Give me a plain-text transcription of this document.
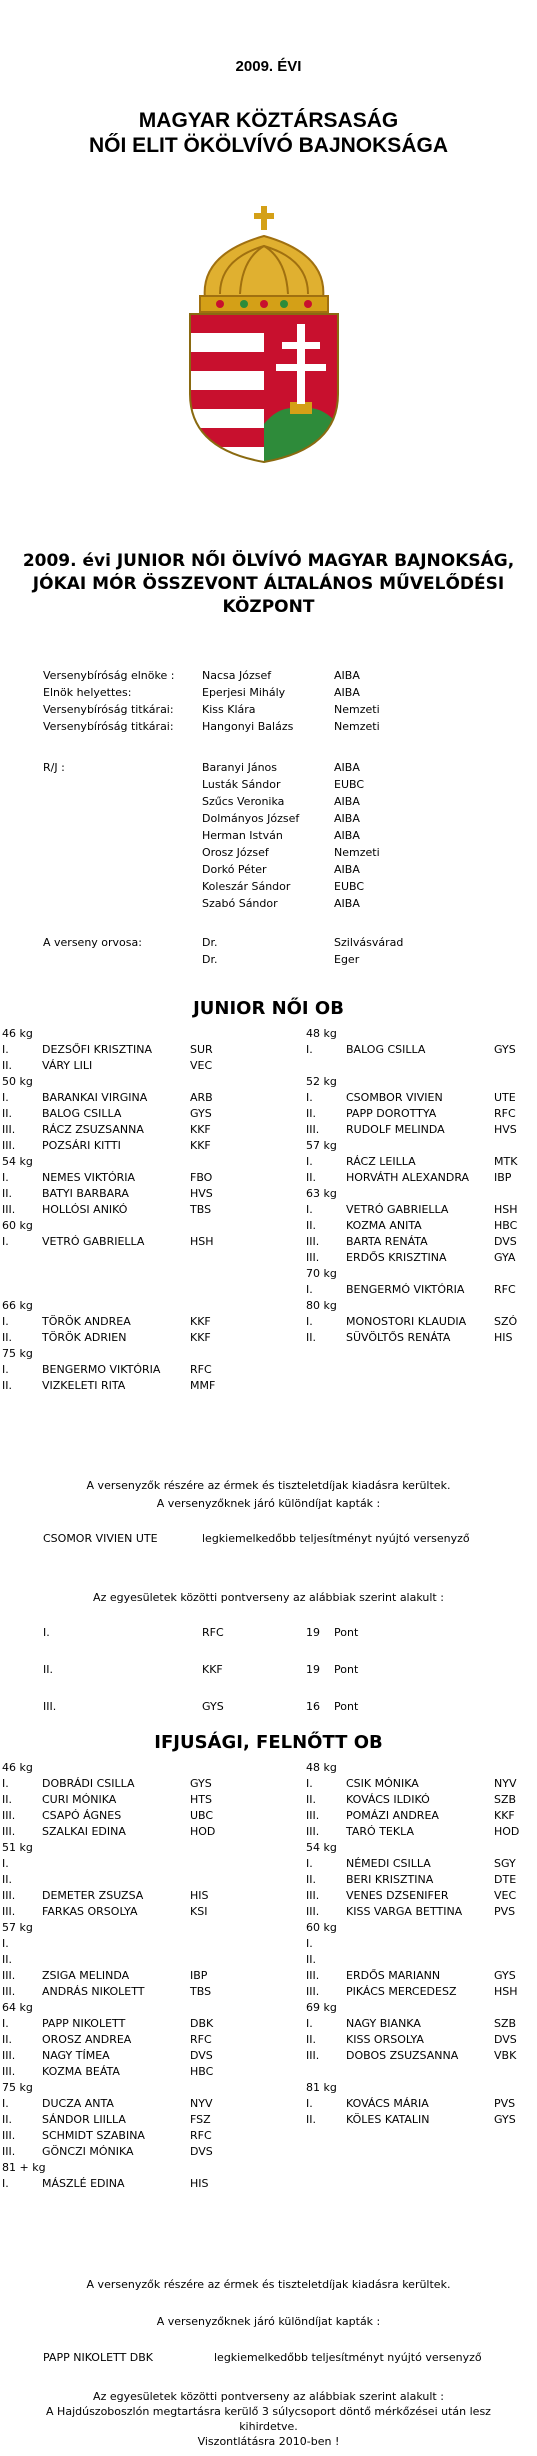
2009. ÉVI
MAGYAR KÖZTÁRSASÁG
NŐI ELIT ÖKÖLVÍVÓ BAJNOKSÁGA
2009. évi JUNIOR NŐI ÖLVÍVÓ MAGYAR BAJNOKSÁG,
JÓKAI MÓR ÖSSZEVONT ÁLTALÁNOS MŰVELŐDÉSI
KÖZPONT
Versenybíróság elnöke :	Nacsa József	AIBA
Elnök helyettes:	Eperjesi Mihály	AIBA
Versenybíróság titkárai:	Kiss Klára	Nemzeti
Versenybíróság titkárai:	Hangonyi Balázs	Nemzeti
R/J :	Baranyi János	AIBA
Lusták Sándor	EUBC
Szűcs Veronika	AIBA
Dolmányos József	AIBA
Herman István	AIBA
Orosz József	Nemzeti
Dorkó Péter	AIBA
Koleszár Sándor	EUBC
Szabó Sándor	AIBA
A verseny orvosa:	Dr.	Szilvásvárad
Dr.	Eger
JUNIOR NŐI OB
46 kg
I.	DEZSŐFI KRISZTINA	SUR
II.	VÁRY LILI	VEC
50 kg
I.	BARANKAI VIRGINA	ARB
II.	BALOG CSILLA	GYS
III. RÁCZ ZSUZSANNA	KKF
III. POZSÁRI KITTI	KKF
54 kg
I.	NEMES VIKTÓRIA	FBO
II.	BATYI BARBARA	HVS
III. HOLLÓSI ANIKÓ	TBS
60 kg
I.	VETRÓ GABRIELLA	HSH
66 kg
I.	TÖRÖK ANDREA	KKF
II.	TÖRÖK ADRIEN	KKF
75 kg
I.	BENGERMO VIKTÓRIA	RFC
II.	VIZKELETI RITA	MMF
48 kg
I.	BALOG CSILLA	GYS
52 kg
I.	CSOMBOR VIVIEN	UTE
II.	PAPP DOROTTYA	RFC
III. RUDOLF MELINDA	HVS
57 kg
I.	RÁCZ LEILLA	MTK
II.	HORVÁTH ALEXANDRA IBP
63 kg
I.	VETRÓ GABRIELLA	HSH
II.	KOZMA ANITA	HBC
III. BARTA RENÁTA	DVS
III. ERDŐS KRISZTINA	GYA
70 kg
I.	BENGERMÓ VIKTÓRIA	RFC
80 kg
I.	MONOSTORI KLAUDIA	SZÓ
II.	SÜVÖLTŐS RENÁTA	HIS
A versenyzők részére az érmek és tiszteletdíjak kiadásra kerültek.
A versenyzőknek járó különdíjat kapták :
CSOMOR VIVIEN UTE	legkiemelkedőbb teljesítményt nyújtó versenyző
Az egyesületek közötti pontverseny az alábbiak szerint alakult :
I.	RFC	19 Pont
II.	KKF	19 Pont
III.	GYS	16 Pont
IFJUSÁGI, FELNŐTT OB
46 kg
I.	DOBRÁDI CSILLA	GYS
II.	CURI MÓNIKA	HTS
III. CSAPÓ ÁGNES	UBC
III. SZALKAI EDINA	HOD
51 kg
I.
II.
III. DEMETER ZSUZSA	HIS
III. FARKAS ORSOLYA	KSI
57 kg
I.
II.
III. ZSIGA MELINDA	IBP
III. ANDRÁS NIKOLETT	TBS
64 kg
I.	PAPP NIKOLETT	DBK
II.	OROSZ ANDREA	RFC
III. NAGY TÍMEA	DVS
III. KOZMA BEÁTA	HBC
75 kg
I.	DUCZA ANTA	NYV
II.	SÁNDOR LIILLA	FSZ
III. SCHMIDT SZABINA	RFC
III. GÖNCZI MÓNIKA	DVS
81 + kg
I.	MÁSZLÉ EDINA	HIS
48 kg
I.	CSIK MÓNIKA	NYV
II.	KOVÁCS ILDIKÓ	SZB
III. POMÁZI ANDREA	KKF
III. TARÓ TEKLA	HOD
54 kg
I.	NÉMEDI CSILLA	SGY
II.	BERI KRISZTINA	DTE
III. VENES DZSENIFER	VEC
III. KISS VARGA BETTINA	PVS
60 kg
I.
II.
III. ERDŐS MARIANN	GYS
III. PIKÁCS MERCEDESZ	HSH
69 kg
I.	NAGY BIANKA	SZB
II.	KISS ORSOLYA	DVS
III. DOBOS ZSUZSANNA	VBK
81 kg
I.	KOVÁCS MÁRIA	PVS
II.	KÖLES KATALIN	GYS
A versenyzők részére az érmek és tiszteletdíjak kiadásra kerültek.
A versenyzőknek járó különdíjat kapták :
PAPP NIKOLETT DBK	legkiemelkedőbb teljesítményt nyújtó versenyző
Az egyesületek közötti pontverseny az alábbiak szerint alakult :
A Hajdúszoboszlón megtartásra kerülő 3 súlycsoport döntő mérkőzései után lesz
kihirdetve.
Viszontlátásra 2010-ben !
